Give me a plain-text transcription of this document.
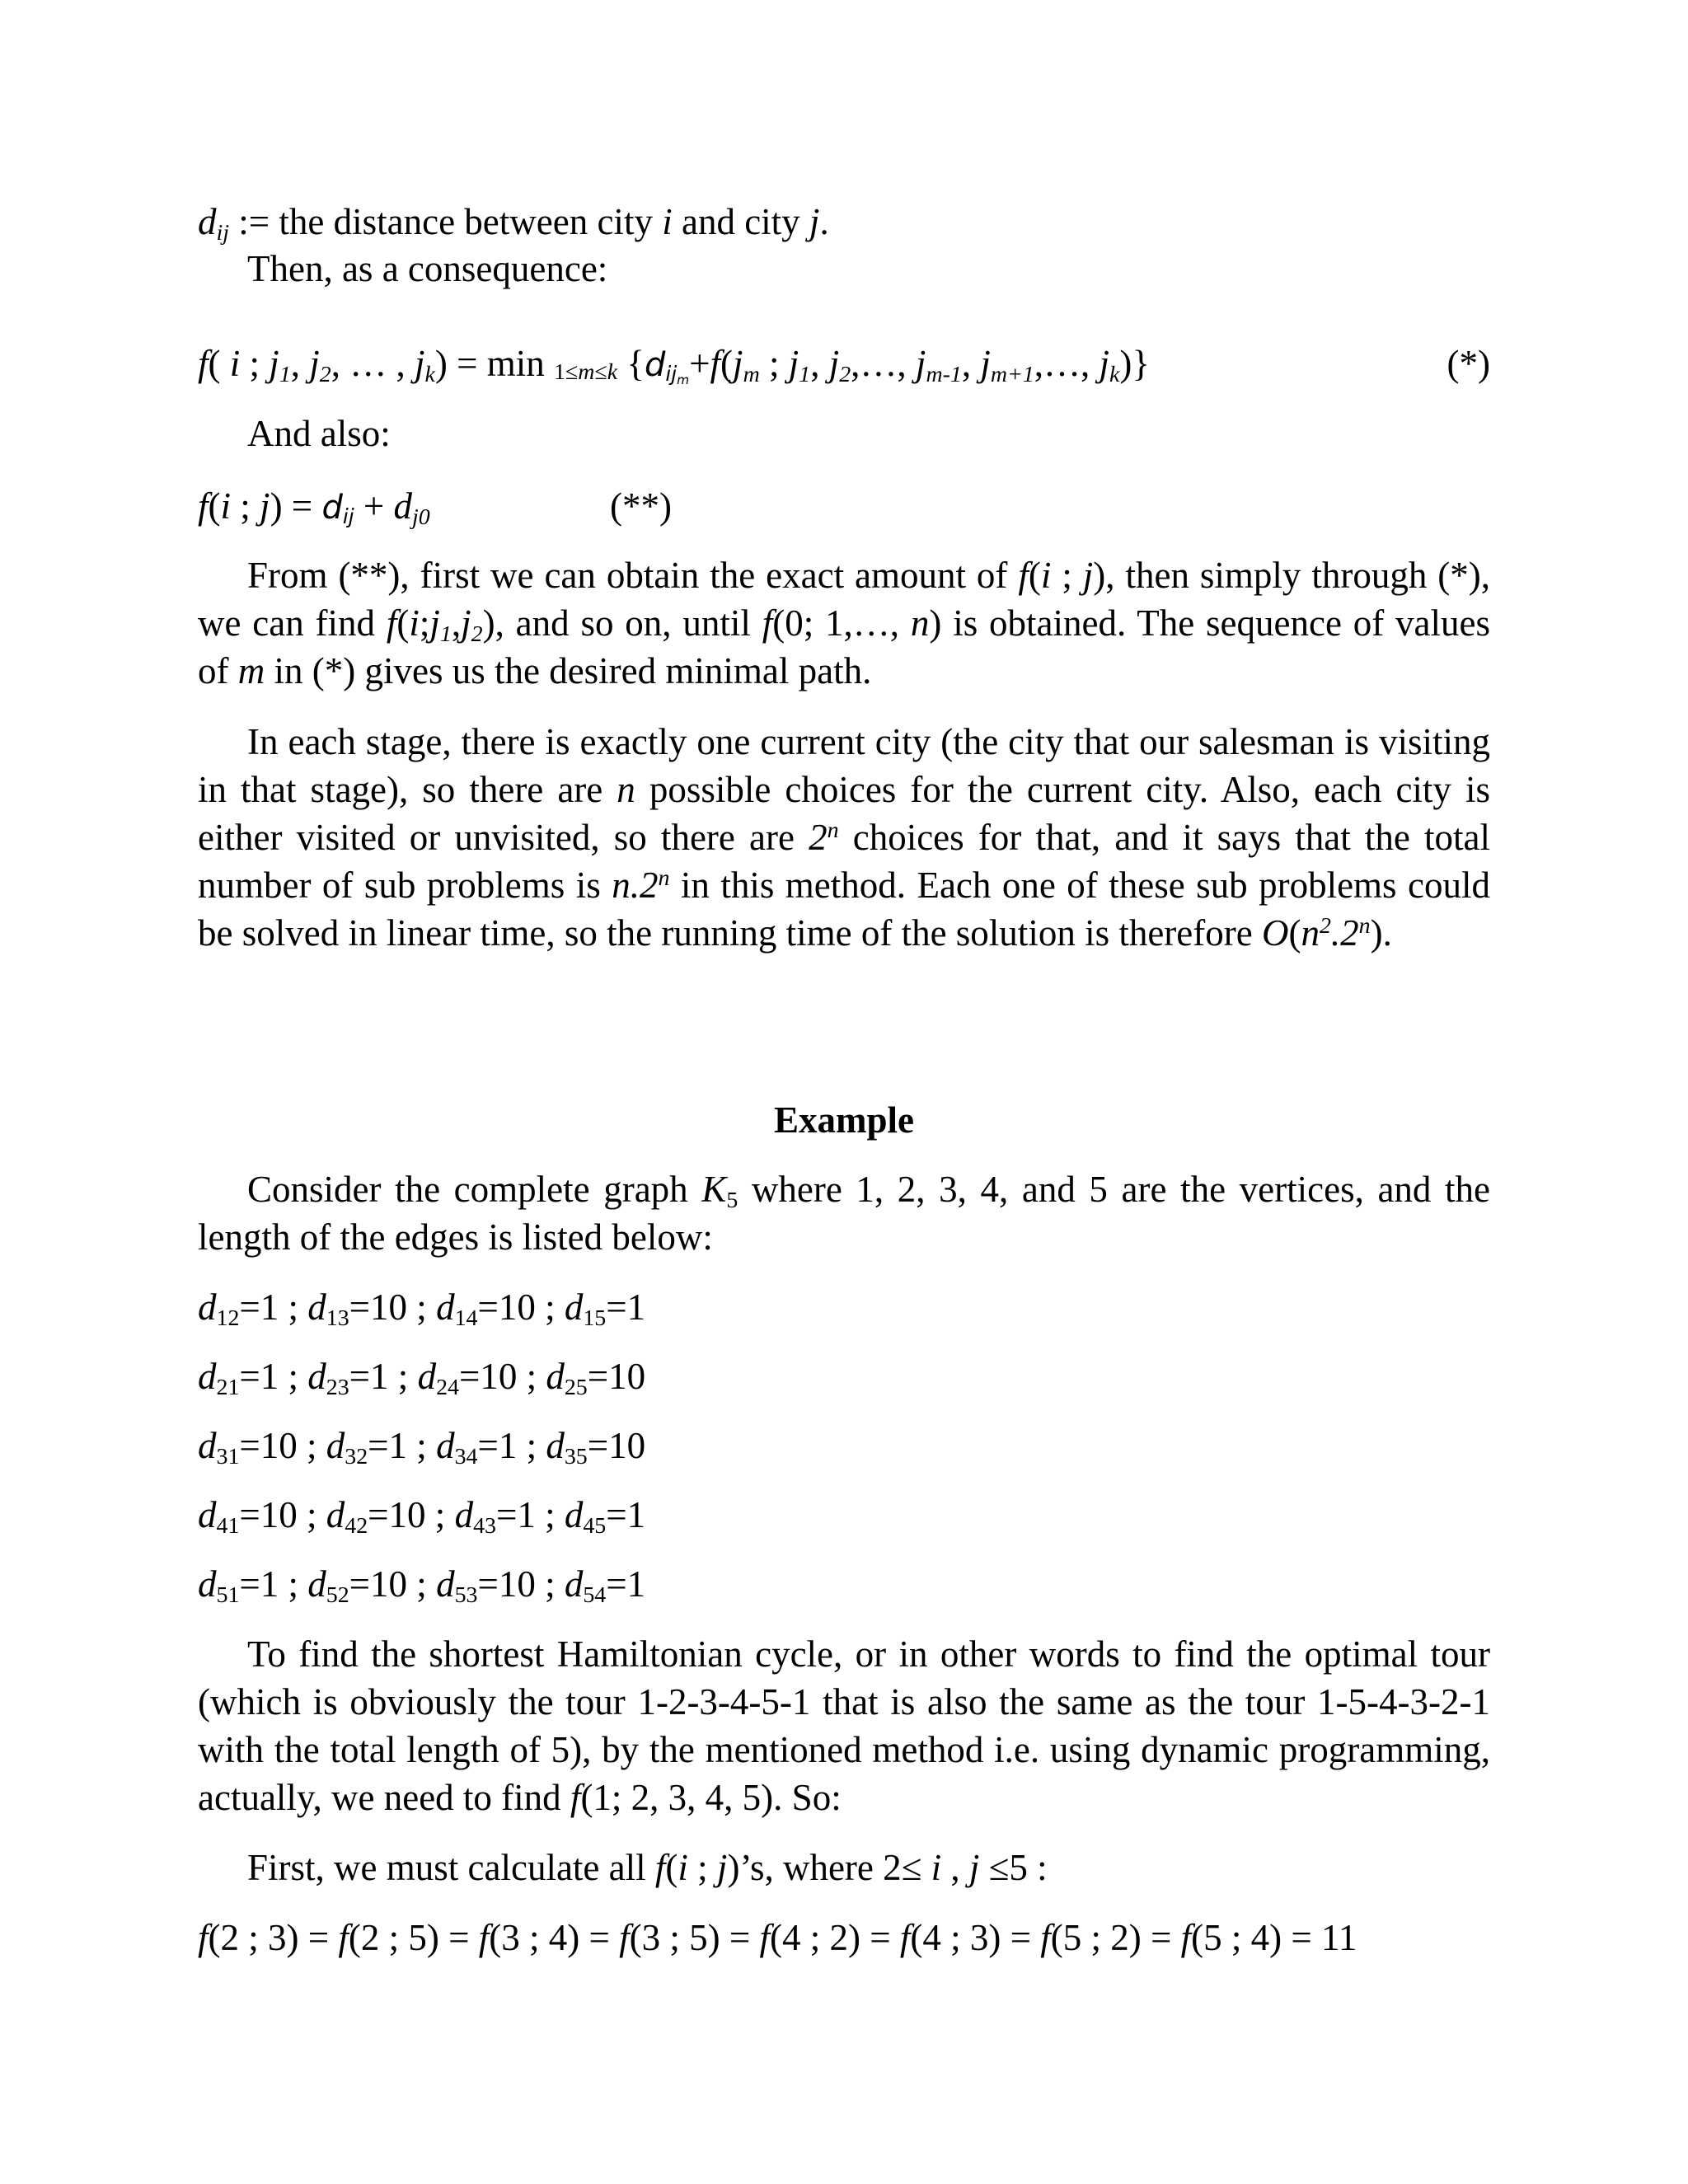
$d_{ij}$ := the distance between city i and city j.
Then, as a consequence:
f( i ; $j_1$, $j_2$, … , $j_k) = \min 1\le m\le k$ {$d_{ij_m}+f(j_m$ ; $j_1$, $j_2,\dots$, $j_{m-1}$, $j_{m+1},\dots$, $j_k$)}	(*)
And also:
f(i ; $j) = d_{ij} + d_{j0}$	(**)
From (**), first we can obtain the exact amount of f(i ; j), then simply through (*), we can find $f(i;j_1,j_2)$, and so on, until f(0; 1,…, n) is obtained. The sequence of values of m in (*) gives us the desired minimal path.
In each stage, there is exactly one current city (the city that our salesman is visiting in that stage), so there are n possible choices for the current city. Also, each city is either visited or unvisited, so there are 2$^n$ choices for that, and it says that the total number of sub problems is n.2$^n$ in this method. Each one of these sub problems could be solved in linear time, so the running time of the solution is therefore $O(n^2.2^n)$.
Example
Consider the complete graph $K_5$ where 1, 2, 3, 4, and 5 are the vertices, and the length of the edges is listed below:
$d_{12}=1$ ; $d_{13}=10$ ; $d_{14}=10$ ; $d_{15}=1$
$d_{21}=1$ ; $d_{23}=1$ ; $d_{24}=10$ ; $d_{25}=10$
$d_{31}=10$ ; $d_{32}=1$ ; $d_{34}=1$ ; $d_{35}=10$
$d_{41}=10$ ; $d_{42}=10$ ; $d_{43}=1$ ; $d_{45}=1$
$d_{51}=1$ ; $d_{52}=10$ ; $d_{53}=10$ ; $d_{54}=1$
To find the shortest Hamiltonian cycle, or in other words to find the optimal tour (which is obviously the tour 1-2-3-4-5-1 that is also the same as the tour 1-5-4-3-2-1 with the total length of 5), by the mentioned method i.e. using dynamic programming, actually, we need to find f(1; 2, 3, 4, 5). So:
First, we must calculate all f(i ; j)’s, where 2≤ i , j ≤5 :
f(2 ; 3) = f(2 ; 5) = f(3 ; 4) = f(3 ; 5) = f(4 ; 2) = f(4 ; 3) = f(5 ; 2) = f(5 ; 4) = 11
